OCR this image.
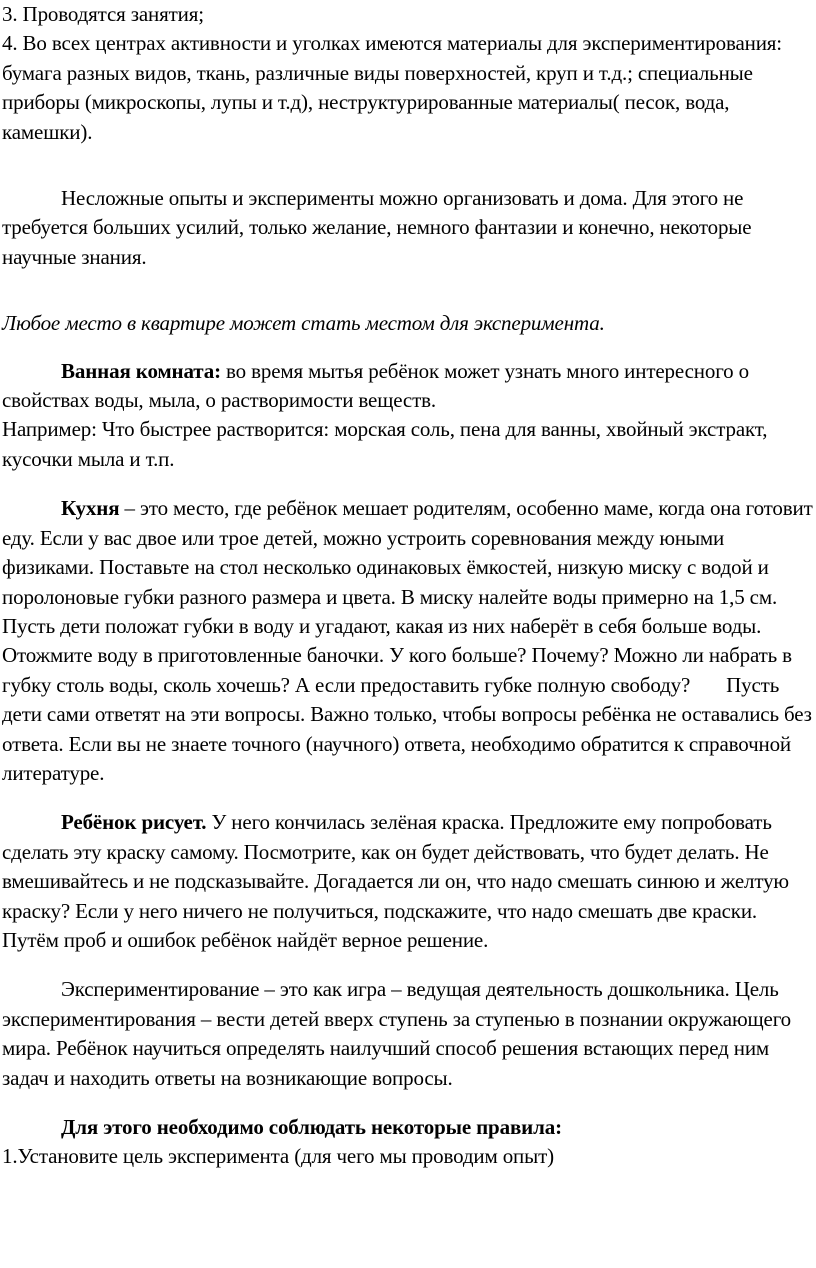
3. Проводятся занятия;

4. Во всех центрах активности и уголках имеются материалы для экспериментирования: бумага разных видов, ткань, различные виды поверхностей, круп и т.д.; специальные приборы (микроскопы, лупы и т.д), неструктурированные материалы( песок, вода, камешки).

Несложные опыты и эксперименты можно организовать и дома. Для этого не требуется больших усилий, только желание, немного фантазии и конечно, некоторые научные знания.

Любое место в квартире может стать местом для эксперимента.

Ванная комната: во время мытья ребёнок может узнать много интересного о свойствах воды, мыла, о растворимости веществ.

Например: Что быстрее растворится: морская соль, пена для ванны, хвойный экстракт, кусочки мыла и т.п.

Кухня – это место, где ребёнок мешает родителям, особенно маме, когда она готовит еду. Если у вас двое или трое детей, можно устроить соревнования между юными физиками. Поставьте на стол несколько одинаковых ёмкостей, низкую миску с водой и поролоновые губки разного размера и цвета. В миску налейте воды примерно на 1,5 см. Пусть дети положат губки в воду и угадают, какая из них наберёт в себя больше воды. Отожмите воду в приготовленные баночки. У кого больше? Почему? Можно ли набрать в губку столь воды, сколь хочешь? А если предоставить губке полную свободу? Пусть дети сами ответят на эти вопросы. Важно только, чтобы вопросы ребёнка не оставались без ответа. Если вы не знаете точного (научного) ответа, необходимо обратится к справочной литературе.

Ребёнок рисует. У него кончилась зелёная краска. Предложите ему попробовать сделать эту краску самому. Посмотрите, как он будет действовать, что будет делать. Не вмешивайтесь и не подсказывайте. Догадается ли он, что надо смешать синюю и желтую краску? Если у него ничего не получиться, подскажите, что надо смешать две краски. Путём проб и ошибок ребёнок найдёт верное решение.

Экспериментирование – это как игра – ведущая деятельность дошкольника. Цель экспериментирования – вести детей вверх ступень за ступенью в познании окружающего мира. Ребёнок научиться определять наилучший способ решения встающих перед ним задач и находить ответы на возникающие вопросы.

Для этого необходимо соблюдать некоторые правила:

1.Установите цель эксперимента (для чего мы проводим опыт)
